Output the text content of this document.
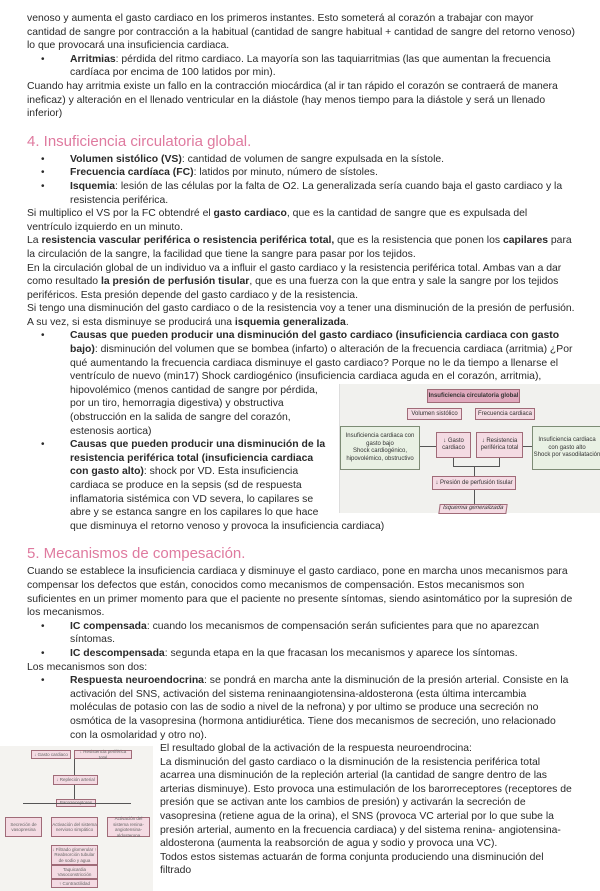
venoso y aumenta el gasto cardiaco en los primeros instantes. Esto someterá al corazón a trabajar con mayor cantidad de sangre por contracción a la habitual (cantidad de sangre habitual + cantidad de sangre del retorno venoso) lo que provocará una insuficiencia cardiaca.
• Arritmias: pérdida del ritmo cardiaco. La mayoría son las taquiarritmias (las que aumentan la frecuencia cardíaca por encima de 100 latidos por min).
Cuando hay arritmia existe un fallo en la contracción miocárdica (al ir tan rápido el corazón se contraerá de manera ineficaz) y alteración en el llenado ventricular en la diástole (hay menos tiempo para la diástole y será un llenado inferior)
4. Insuficiencia circulatoria global.
• Volumen sistólico (VS): cantidad de volumen de sangre expulsada en la sístole.
• Frecuencia cardíaca (FC): latidos por minuto, número de sístoles.
• Isquemia: lesión de las células por la falta de O2. La generalizada sería cuando baja el gasto cardiaco y la resistencia periférica.
Si multiplico el VS por la FC obtendré el gasto cardiaco, que es la cantidad de sangre que es expulsada del ventrículo izquierdo en un minuto.
La resistencia vascular periférica o resistencia periférica total, que es la resistencia que ponen los capilares para la circulación de la sangre, la facilidad que tiene la sangre para pasar por los tejidos.
En la circulación global de un individuo va a influir el gasto cardiaco y la resistencia periférica total. Ambas van a dar como resultado la presión de perfusión tisular, que es una fuerza con la que entra y sale la sangre por los tejidos periféricos. Esta presión depende del gasto cardiaco y de la resistencia.
Si tengo una disminución del gasto cardiaco o de la resistencia voy a tener una disminución de la presión de perfusión. A su vez, si esta disminuye se producirá una isquemia generalizada.
Insuficiencia circulatoria global
Volumen sistólico	Frecuencia cardiaca
Insuficiencia cardiaca con gasto bajo
Shock cardiogénico, hipovolémico, obstructivo
↓ Gasto cardiaco
↓ Resistencia periférica total
Insuficiencia cardiaca con gasto alto
Shock por vasodilatación
↓ Presión de perfusión tisular
Isquemia generalizada
• Causas que pueden producir una disminución del gasto cardiaco (insuficiencia cardiaca con gasto bajo): disminución del volumen que se bombea (infarto) o alteración de la frecuencia cardiaca (arritmia) ¿Por qué aumentando la frecuencia cardiaca disminuye el gasto cardiaco? Porque no le da tiempo a llenarse el ventrículo de nuevo (min17) Shock cardiogénico (insuficiencia cardiaca aguda en el corazón, arritmia), hipovolémico (menos cantidad de sangre por pérdida, por un tiro, hemorragia digestiva) y obstructiva (obstrucción en la salida de sangre del corazón, estenosis aortica)
• Causas que pueden producir una disminución de la resistencia periférica total (insuficiencia cardiaca con gasto alto): shock por VD. Esta insuficiencia cardiaca se produce en la sepsis (sd de respuesta inflamatoria sistémica con VD severa, lo capilares se abre y se estanca sangre en los capilares lo que hace que disminuya el retorno venoso y provoca la insuficiencia cardiaca)
5. Mecanismos de compesación.
Cuando se establece la insuficiencia cardiaca y disminuye el gasto cardiaco, pone en marcha unos mecanismos para compensar los defectos que están, conocidos como mecanismos de compensación. Estos mecanismos son suficientes en un primer momento para que el paciente no presente síntomas, siendo asintomático por la supresión de los mecanismos.
• IC compensada: cuando los mecanismos de compensación serán suficientes para que no aparezcan síntomas.
• IC descompensada: segunda etapa en la que fracasan los mecanismos y aparece los síntomas.
Los mecanismos son dos:
• Respuesta neuroendocrina: se pondrá en marcha ante la disminución de la presión arterial. Consiste en la activación del SNS, activación del sistema reninaangiotensina-aldosterona (esta última intercambia moléculas de potasio con las de sodio a nivel de la nefrona) y por ultimo se produce una secreción no osmótica de la vasopresina (hormona antidiurética. Tiene dos mecanismos de secreción, uno relacionado con la osmolaridad y otro no).
↓ Gasto cardiaco
↓ Resistencia periférica total
↓ Repleción arterial
Secreción de vasopresina
Activación del sistema nervioso simpático
Activación del sistema renina-angiotensina-aldosterona
↓ Filtrado glomerular ↑ Reabsorción tubular de sodio y agua
Taquicardia Vasoconstricción
↑ Contractilidad
El resultado global de la activación de la respuesta neuroendrocina:
La disminución del gasto cardiaco o la disminución de la resistencia periférica total acarrea una disminución de la repleción arterial (la cantidad de sangre dentro de las arterias disminuye). Esto provoca una estimulación de los barorreceptores (receptores de presión que se activan ante los cambios de presión) y activarán la secreción de vasopresina (retiene agua de la orina), el SNS (provoca VC arterial por lo que sube la presión arterial, aumento en la frecuencia cardiaca) y del sistema renina- angiotensina-aldosterona (aumenta la reabsorción de agua y sodio y provoca una VC).
Todos estos sistemas actuarán de forma conjunta produciendo una disminución del filtrado
